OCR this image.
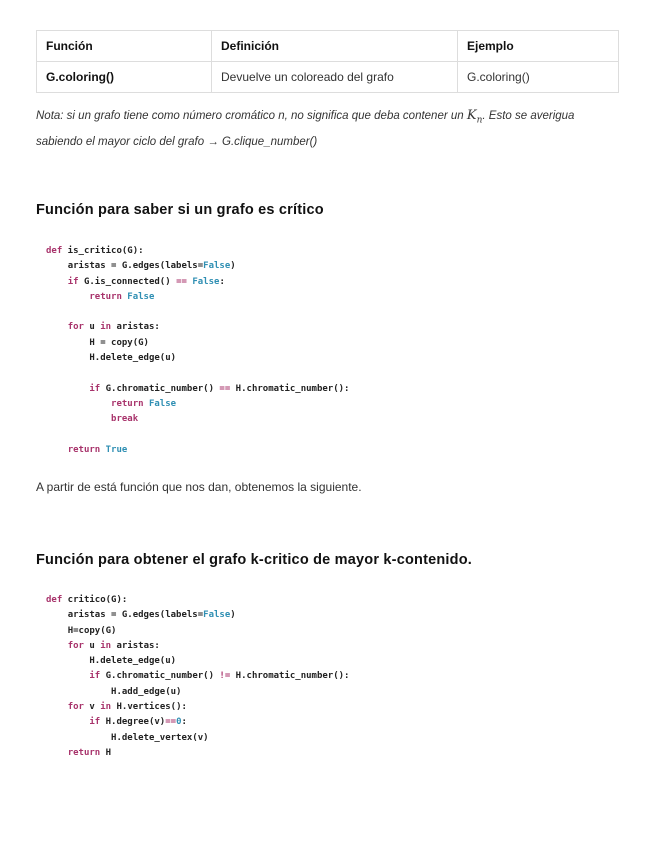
Función	Definición	Ejemplo
G.coloring()	Devuelve un coloreado del grafo	G.coloring()

Nota: si un grafo tiene como número cromático n, no significa que deba contener un $K_n$. Esto se averigua sabiendo el mayor ciclo del grafo → G.clique_number()

Función para saber si un grafo es crítico
def is_critico(G):
aristas = G.edges(labels=False)
if G.is_connected() == False:
return False

for u in aristas:
H = copy(G)
H.delete_edge(u)

if G.chromatic_number() == H.chromatic_number():
return False
break

return True

A partir de está función que nos dan, obtenemos la siguiente.

Función para obtener el grafo k-critico de mayor k-contenido.
def critico(G):
aristas = G.edges(labels=False)
H=copy(G)
for u in aristas:
H.delete_edge(u)
if G.chromatic_number() != H.chromatic_number():
H.add_edge(u)
for v in H.vertices():
if H.degree(v)==0:
H.delete_vertex(v)
return H
